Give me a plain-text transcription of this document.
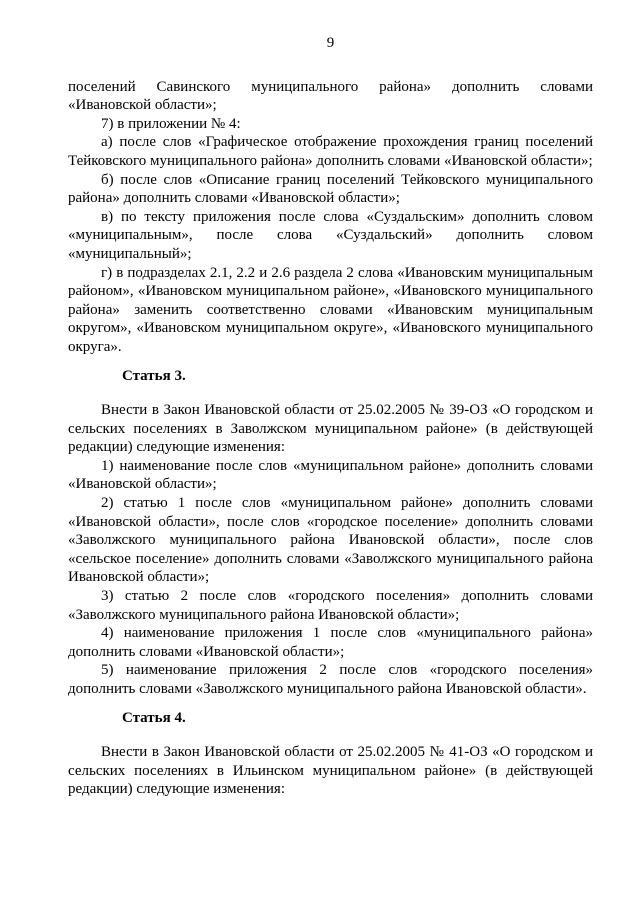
9

поселений Савинского муниципального района» дополнить словами «Ивановской области»;

7) в приложении № 4:

а) после слов «Графическое отображение прохождения границ поселений Тейковского муниципального района» дополнить словами «Ивановской области»;

б) после слов «Описание границ поселений Тейковского муниципального района» дополнить словами «Ивановской области»;

в) по тексту приложения после слова «Суздальским» дополнить словом «муниципальным», после слова «Суздальский» дополнить словом «муниципальный»;

г) в подразделах 2.1, 2.2 и 2.6 раздела 2 слова «Ивановским муниципальным районом», «Ивановском муниципальном районе», «Ивановского муниципального района» заменить соответственно словами «Ивановским муниципальным округом», «Ивановском муниципальном округе», «Ивановского муниципального округа».

Статья 3.

Внести в Закон Ивановской области от 25.02.2005 № 39-ОЗ «О городском и сельских поселениях в Заволжском муниципальном районе» (в действующей редакции) следующие изменения:

1) наименование после слов «муниципальном районе» дополнить словами «Ивановской области»;

2) статью 1 после слов «муниципальном районе» дополнить словами «Ивановской области», после слов «городское поселение» дополнить словами «Заволжского муниципального района Ивановской области», после слов «сельское поселение» дополнить словами «Заволжского муниципального района Ивановской области»;

3) статью 2 после слов «городского поселения» дополнить словами «Заволжского муниципального района Ивановской области»;

4) наименование приложения 1 после слов «муниципального района» дополнить словами «Ивановской области»;

5) наименование приложения 2 после слов «городского поселения» дополнить словами «Заволжского муниципального района Ивановской области».

Статья 4.

Внести в Закон Ивановской области от 25.02.2005 № 41-ОЗ «О городском и сельских поселениях в Ильинском муниципальном районе» (в действующей редакции) следующие изменения:
